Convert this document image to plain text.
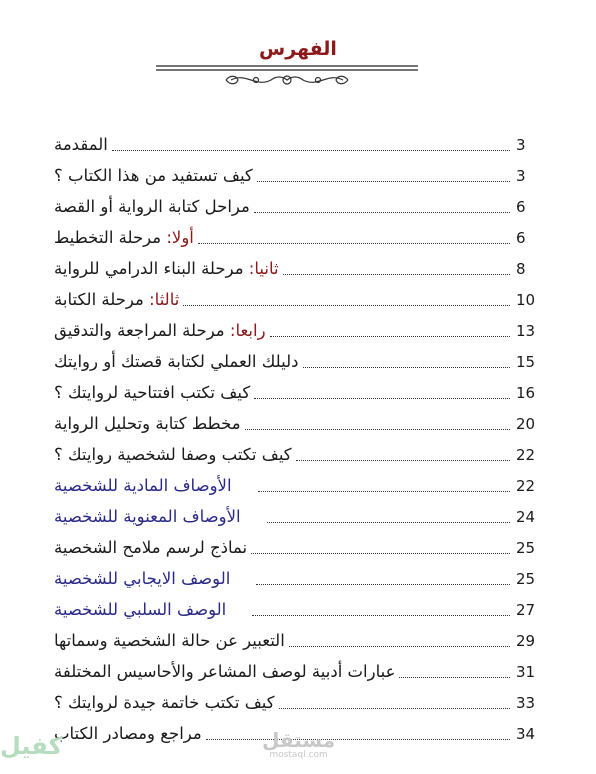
الفهرس
المقدمة	3
كيف تستفيد من هذا الكتاب ؟	3
مراحل كتابة الرواية أو القصة	6
أولا: مرحلة التخطيط	6
ثانيا: مرحلة البناء الدرامي للرواية	8
ثالثا: مرحلة الكتابة	10
رابعا: مرحلة المراجعة والتدقيق	13
دليلك العملي لكتابة قصتك أو روايتك	15
كيف تكتب افتتاحية لروايتك ؟	16
مخطط كتابة وتحليل الرواية	20
كيف تكتب وصفا لشخصية روايتك ؟	22
الأوصاف المادية للشخصية	22
الأوصاف المعنوية للشخصية	24
نماذج لرسم ملامح الشخصية	25
الوصف الايجابي للشخصية	25
الوصف السلبي للشخصية	27
التعبير عن حالة الشخصية وسماتها	29
عبارات أدبية لوصف المشاعر والأحاسيس المختلفة	31
كيف تكتب خاتمة جيدة لروايتك ؟	33
مراجع ومصادر الكتاب	34
مستقل
mostaql.com
كفيل
